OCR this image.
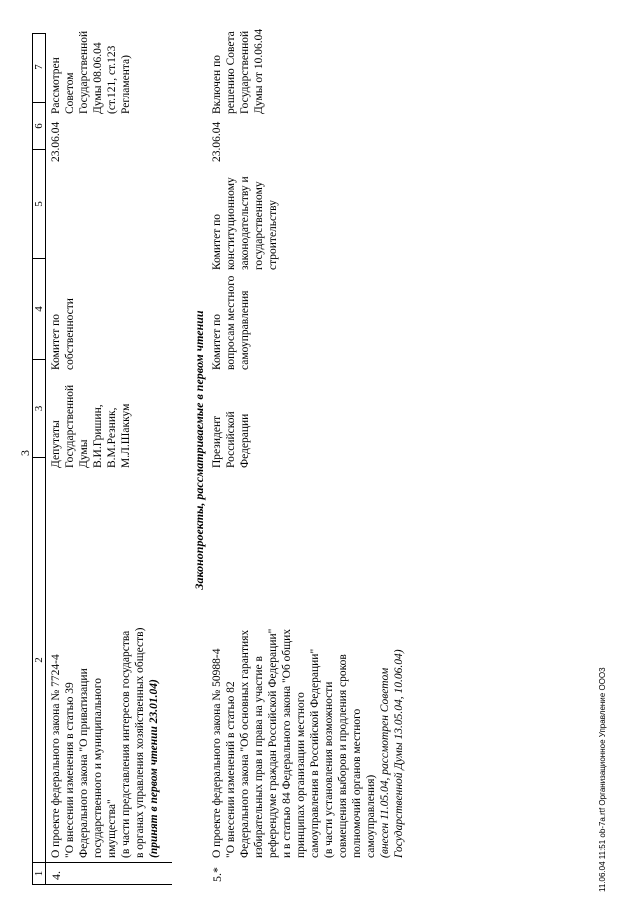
3
1
2
3
4
5
6
7
4.
О проекте федерального закона № 7724-4 "О внесении изменения в статью 39 Федерального закона "О приватизации государственного и муниципального имущества" (в части представления интересов государства в органах управления хозяйственных обществ) (принят в первом чтении 23.01.04)
Депутаты Государственной Думы В.И.Гришин, В.М.Резник, М.Л.Шаккум
Комитет по собственности
23.06.04
Рассмотрен Советом Государственной Думы 08.06.04 (ст.121, ст.123 Регламента)
Законопроекты, рассматриваемые в первом чтении
5.*
О проекте федерального закона № 50988-4 "О внесении изменений в статью 82 Федерального закона "Об основных гарантиях избирательных прав и права на участие в референдуме граждан Российской Федерации" и в статью 84 Федерального закона "Об общих принципах организации местного самоуправления в Российской Федерации" (в части установления возможности совмещения выборов и продления сроков полномочий органов местного самоуправления) (внесен 11.05.04, рассмотрен Советом Государственной Думы 13.05.04, 10.06.04)
Президент Российской Федерации
Комитет по вопросам местного самоуправления
Комитет по конституционному законодательству и государственному строительству
23.06.04
Включен по решению Совета Государственной Думы от 10.06.04
11.06.04 11:51 ob-7a.rtf Организационное Управление ООО3
